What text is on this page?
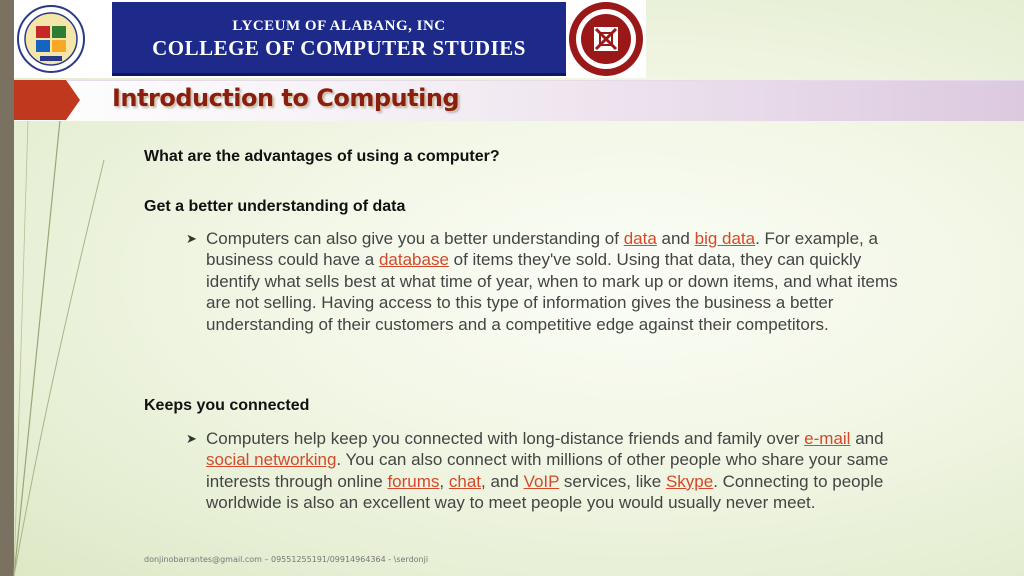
LYCEUM OF ALABANG, INC
COLLEGE OF COMPUTER STUDIES
Introduction to Computing
What are the advantages of using a computer?
Get a better understanding of data
➤ Computers can also give you a better understanding of data and big data. For example, a business could have a database of items they've sold. Using that data, they can quickly identify what sells best at what time of year, when to mark up or down items, and what items are not selling. Having access to this type of information gives the business a better understanding of their customers and a competitive edge against their competitors.
Keeps you connected
➤ Computers help keep you connected with long-distance friends and family over e-mail and social networking. You can also connect with millions of other people who share your same interests through online forums, chat, and VoIP services, like Skype. Connecting to people worldwide is also an excellent way to meet people you would usually never meet.
donjinobarrantes@gmail.com – 09551255191/09914964364 - \serdonji
